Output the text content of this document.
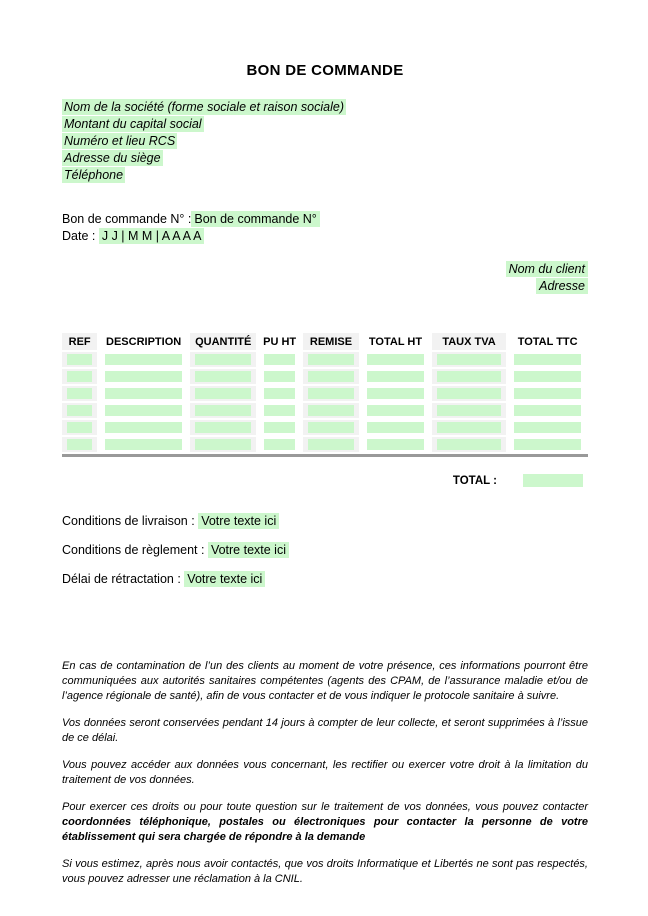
BON DE COMMANDE
Nom de la société (forme sociale et raison sociale)
Montant du capital social
Numéro et lieu RCS
Adresse du siège
Téléphone
Bon de commande N° : Bon de commande N°
Date : J J | M M | A A A A
Nom du client
Adresse
REF	DESCRIPTION	QUANTITÉ	PU HT	REMISE	TOTAL HT	TAUX TVA	TOTAL TTC

TOTAL :
Conditions de livraison : Votre texte ici
Conditions de règlement : Votre texte ici
Délai de rétractation : Votre texte ici

En cas de contamination de l’un des clients au moment de votre présence, ces informations pourront être communiquées aux autorités sanitaires compétentes (agents des CPAM, de l’assurance maladie et/ou de l’agence régionale de santé), afin de vous contacter et de vous indiquer le protocole sanitaire à suivre.

Vos données seront conservées pendant 14 jours à compter de leur collecte, et seront supprimées à l’issue de ce délai.

Vous pouvez accéder aux données vous concernant, les rectifier ou exercer votre droit à la limitation du traitement de vos données.

Pour exercer ces droits ou pour toute question sur le traitement de vos données, vous pouvez contacter coordonnées téléphonique, postales ou électroniques pour contacter la personne de votre établissement qui sera chargée de répondre à la demande

Si vous estimez, après nous avoir contactés, que vos droits Informatique et Libertés ne sont pas respectés, vous pouvez adresser une réclamation à la CNIL.
